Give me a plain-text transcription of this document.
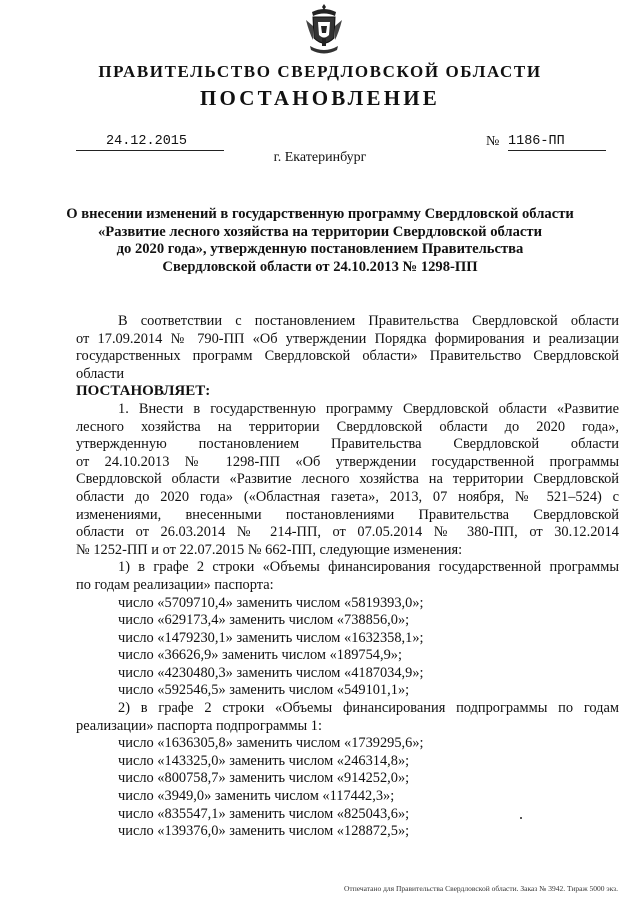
ПРАВИТЕЛЬСТВО СВЕРДЛОВСКОЙ ОБЛАСТИ
ПОСТАНОВЛЕНИЕ
24.12.2015	№ 1186-ПП
г. Екатеринбург
О внесении изменений в государственную программу Свердловской области
«Развитие лесного хозяйства на территории Свердловской области
до 2020 года», утвержденную постановлением Правительства
Свердловской области от 24.10.2013 № 1298-ПП
В соответствии с постановлением Правительства Свердловской области
от 17.09.2014 № 790-ПП «Об утверждении Порядка формирования и реализации
государственных программ Свердловской области» Правительство Свердловской
области
ПОСТАНОВЛЯЕТ:
1. Внести в государственную программу Свердловской области «Развитие
лесного хозяйства на территории Свердловской области до 2020 года»,
утвержденную постановлением Правительства Свердловской области
от 24.10.2013 № 1298-ПП «Об утверждении государственной программы
Свердловской области «Развитие лесного хозяйства на территории Свердловской
области до 2020 года» («Областная газета», 2013, 07 ноября, № 521–524) с
изменениями, внесенными постановлениями Правительства Свердловской
области от 26.03.2014 № 214-ПП, от 07.05.2014 № 380-ПП, от 30.12.2014
№ 1252-ПП и от 22.07.2015 № 662-ПП, следующие изменения:
1) в графе 2 строки «Объемы финансирования государственной программы
по годам реализации» паспорта:
число «5709710,4» заменить числом «5819393,0»;
число «629173,4» заменить числом «738856,0»;
число «1479230,1» заменить числом «1632358,1»;
число «36626,9» заменить числом «189754,9»;
число «4230480,3» заменить числом «4187034,9»;
число «592546,5» заменить числом «549101,1»;
2) в графе 2 строки «Объемы финансирования подпрограммы по годам
реализации» паспорта подпрограммы 1:
число «1636305,8» заменить числом «1739295,6»;
число «143325,0» заменить числом «246314,8»;
число «800758,7» заменить числом «914252,0»;
число «3949,0» заменить числом «117442,3»;
число «835547,1» заменить числом «825043,6»;
число «139376,0» заменить числом «128872,5»;
Отпечатано для Правительства Свердловской области. Заказ № 3942. Тираж 5000 экз.
